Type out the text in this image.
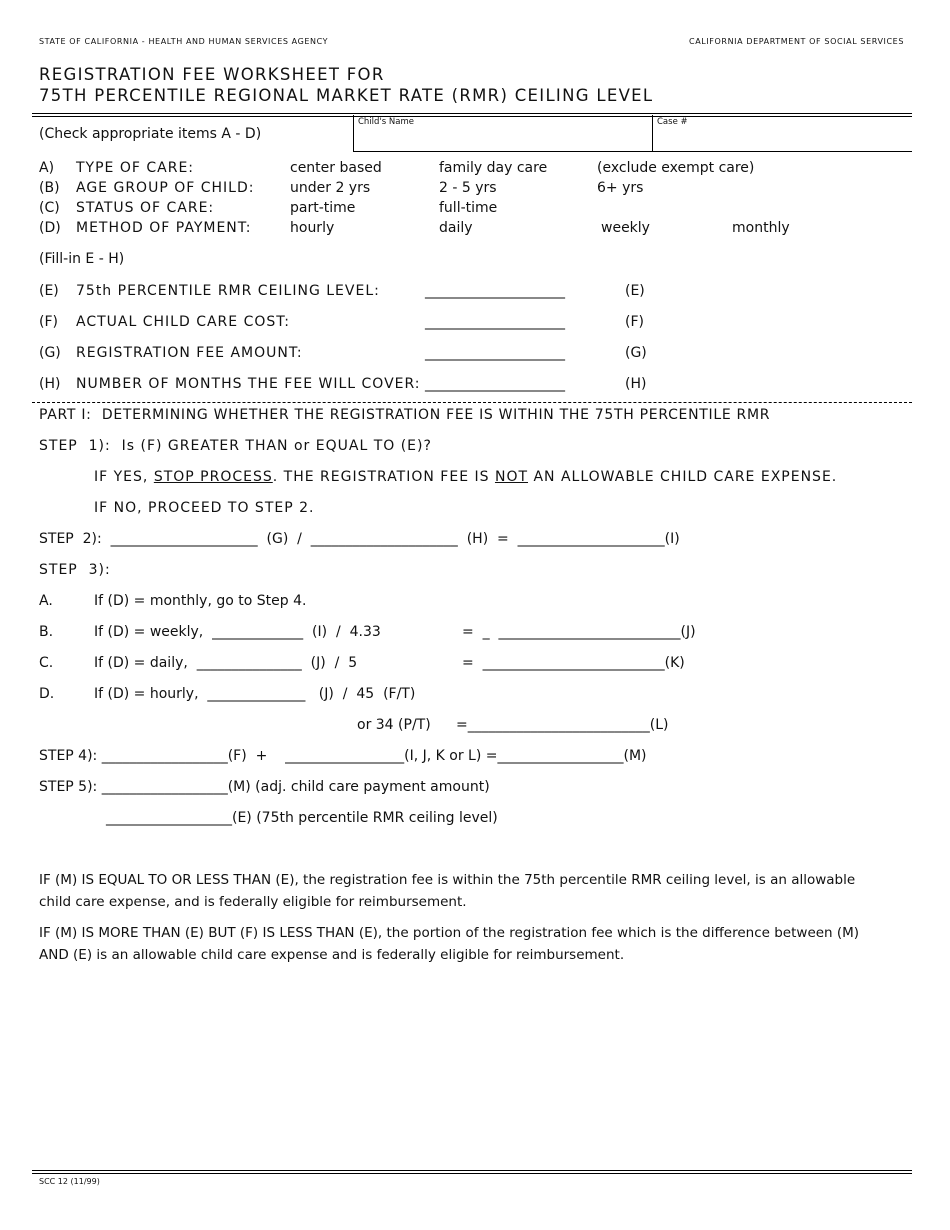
STATE OF CALIFORNIA - HEALTH AND HUMAN SERVICES AGENCY	CALIFORNIA DEPARTMENT OF SOCIAL SERVICES
REGISTRATION FEE WORKSHEET FOR
75TH PERCENTILE REGIONAL MARKET RATE (RMR) CEILING LEVEL
(Check appropriate items A - D)
Child's Name	Case #
A) TYPE OF CARE:	center based	family day care	(exclude exempt care)
(B) AGE GROUP OF CHILD:	under 2 yrs	2 - 5 yrs	6+ yrs
(C) STATUS OF CARE:	part-time	full-time
(D) METHOD OF PAYMENT:	hourly	daily	weekly	monthly
(Fill-in E - H)
(E) 75th PERCENTILE RMR CEILING LEVEL:	____________________	(E)
(F) ACTUAL CHILD CARE COST:	____________________	(F)
(G) REGISTRATION FEE AMOUNT:	____________________	(G)
(H) NUMBER OF MONTHS THE FEE WILL COVER: ____________________	(H)
PART I:  DETERMINING WHETHER THE REGISTRATION FEE IS WITHIN THE 75TH PERCENTILE RMR
STEP  1):  Is (F) GREATER THAN or EQUAL TO (E)?
IF YES, STOP PROCESS. THE REGISTRATION FEE IS NOT AN ALLOWABLE CHILD CARE EXPENSE.
IF NO, PROCEED TO STEP 2.
STEP  2):  _____________________  (G)  /  _____________________  (H)  =  _____________________(I)
STEP  3):
A.	If (D) = monthly, go to Step 4.
B.	If (D) = weekly,  _____________  (I)  /  4.33	=  _  __________________________(J)
C.	If (D) = daily,  _______________  (J)  /  5	=  __________________________(K)
D.	If (D) = hourly,  ______________   (J)  /  45  (F/T)
or 34 (P/T) =__________________________(L)
STEP 4): __________________(F)  +    _________________(I, J, K or L) =__________________(M)
STEP 5): __________________(M) (adj. child care payment amount)
__________________(E) (75th percentile RMR ceiling level)
IF (M) IS EQUAL TO OR LESS THAN (E), the registration fee is within the 75th percentile RMR ceiling level, is an allowable
child care expense, and is federally eligible for reimbursement.
IF (M) IS MORE THAN (E) BUT (F) IS LESS THAN (E), the portion of the registration fee which is the difference between (M)
AND (E) is an allowable child care expense and is federally eligible for reimbursement.
SCC 12 (11/99)
